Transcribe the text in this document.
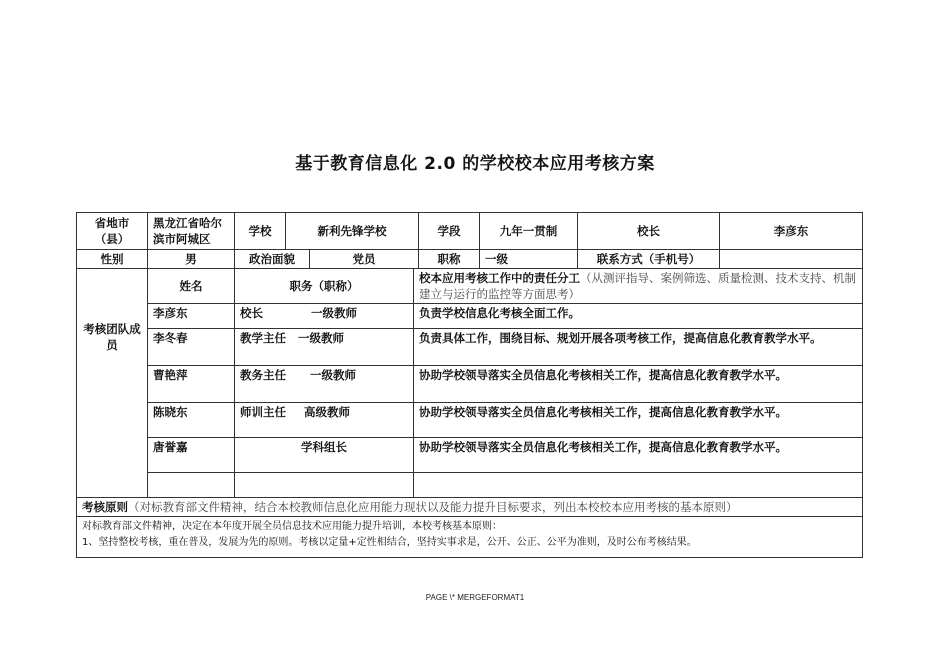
基于教育信息化 2.0 的学校校本应用考核方案
省地市（县）	黑龙江省哈尔滨市阿城区	学校	新利先锋学校			学段	九年一贯制	校长	李彦东
性别	男	政治面貌		党员		职称	一级	联系方式（手机号）	
考核团队成员	姓名	职务（职称）			校本应用考核工作中的责任分工（从测评指导、案例筛选、质量检测、技术支持、机制建立与运行的监控等方面思考）				
	李彦东	校长 一级教师			负责学校信息化考核全面工作。				
	李冬春	教学主任 一级教师			负责具体工作，围绕目标、规划开展各项考核工作，提高信息化教育教学水平。				
	曹艳萍	教务主任 一级教师			协助学校领导落实全员信息化考核相关工作，提高信息化教育教学水平。				
	陈晓东	师训主任 高级教师			协助学校领导落实全员信息化考核相关工作，提高信息化教育教学水平。				
	唐誉嘉	学科组长			协助学校领导落实全员信息化考核相关工作，提高信息化教育教学水平。				

考核原则（对标教育部文件精神，结合本校教师信息化应用能力现状以及能力提升目标要求，列出本校校本应用考核的基本原则）									

对标教育部文件精神，决定在本年度开展全员信息技术应用能力提升培训，本校考核基本原则：
1、坚持整校考核，重在普及，发展为先的原则。考核以定量+定性相结合，坚持实事求是，公开、公正、公平为准则，及时公布考核结果。									
PAGE \* MERGEFORMAT1
